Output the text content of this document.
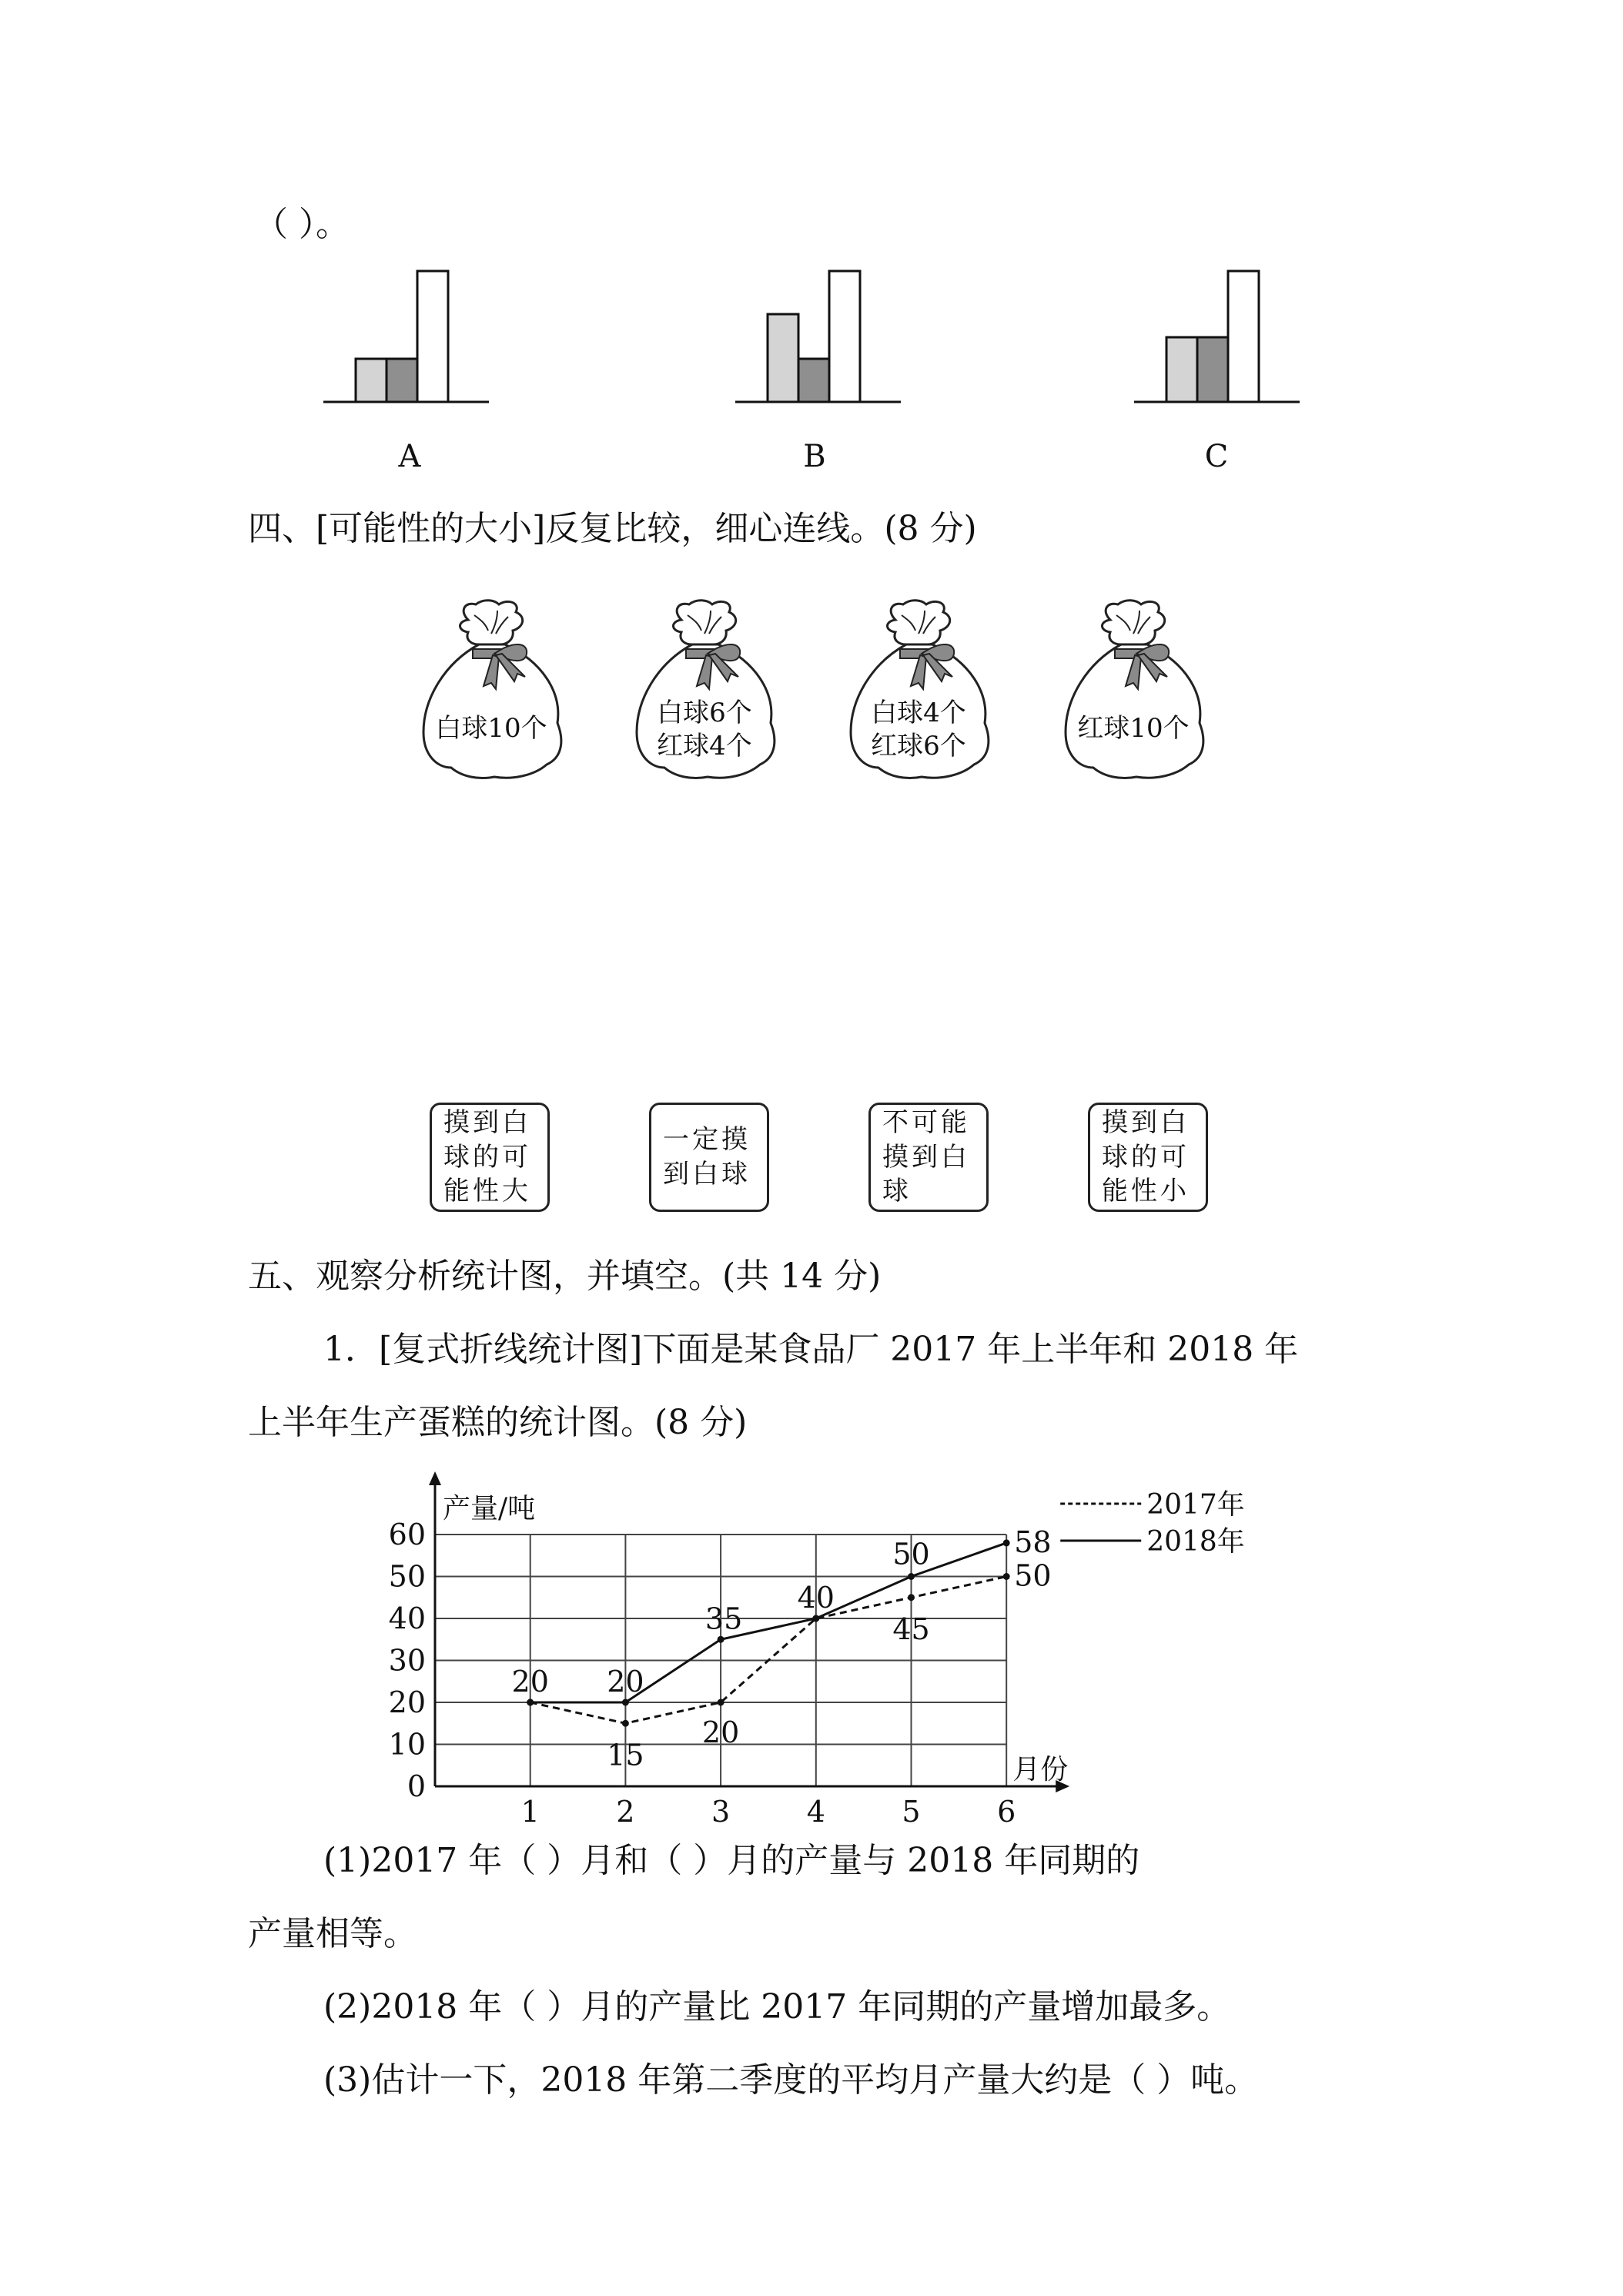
（ ）。
A	B	C
四、[可能性的大小]反复比较，细心连线。(8 分)
白球10个	白球6个
红球4个
白球4个
红球6个
红球10个
摸到白球的可能性大
一定摸到白球
不可能摸到白球
摸到白球的可能性小
五、观察分析统计图，并填空。(共 14 分)
1．[复式折线统计图]下面是某食品厂 2017 年上半年和 2018 年
上半年生产蛋糕的统计图。(8 分)
0
10
20
30
40
50
60
1	2	3	4	5	6
产量/吨
月份
20 20
35
40
50	58
15
20
45
50
2017年
2018年
(1)2017 年（ ）月和（ ）月的产量与 2018 年同期的
产量相等。
(2)2018 年（ ）月的产量比 2017 年同期的产量增加最多。
(3)估计一下，2018 年第二季度的平均月产量大约是（ ）吨。
